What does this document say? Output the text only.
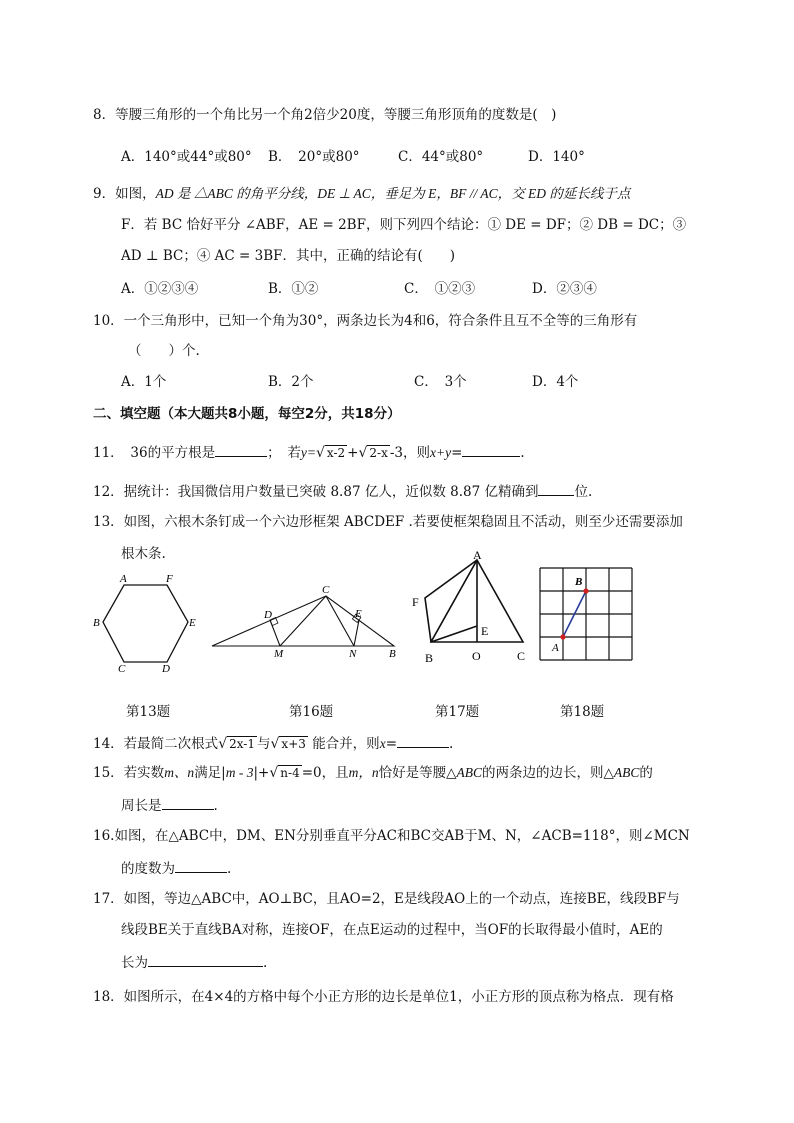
8．等腰三角形的一个角比另一个角2倍少20度，等腰三角形顶角的度数是(　)
A．140°或44°或80° B．　20°或80°	C．44°或80°	D．140°
9．如图，AD 是 △ABC 的角平分线，DE ⊥ AC，垂足为 E，BF // AC，交 ED 的延长线于点
F．若 BC 恰好平分 ∠ABF，AE = 2BF，则下列四个结论：① DE = DF；② DB = DC；③
AD ⊥ BC；④ AC = 3BF．其中，正确的结论有(　　)
A．①②③④	B．①②	C．　①②③	D．②③④
10．一个三角形中，已知一个角为30°，两条边长为4和6，符合条件且互不全等的三角形有
（　　）个.
A．1个	B．2个	C．　3个	D．4个
二、填空题（本大题共8小题，每空2分，共18分）
11．　36的平方根是	；　若y=√ x-2 +√ 2-x -3，则x+y=	.
12．据统计：我国微信用户数量已突破 8.87 亿人，近似数 8.87 亿精确到	位.
13．如图，六根木条钉成一个六边形框架 ABCDEF .若要使框架稳固且不活动，则至少还需要添加
根木条.
A	F
B	E
C	D
C
D	E
M	N	B
A
F
E
B	O	C
B
A
第13题	第16题	第17题	第18题
14．若最简二次根式√ 2x-1 与√ x+3 能合并，则x=	.
15．若实数m、n满足|m - 3|+√ n-4 =0，且m，n恰好是等腰△ABC的两条边的边长，则△ABC的
周长是	.
16.如图，在△ABC中，DM、EN分别垂直平分AC和BC交AB于M、N，∠ACB=118°，则∠MCN
的度数为	.
17．如图，等边△ABC中，AO⊥BC，且AO=2，E是线段AO上的一个动点，连接BE，线段BF与
线段BE关于直线BA对称，连接OF，在点E运动的过程中，当OF的长取得最小值时，AE的
长为	.
18．如图所示，在4×4的方格中每个小正方形的边长是单位1，小正方形的顶点称为格点．现有格
